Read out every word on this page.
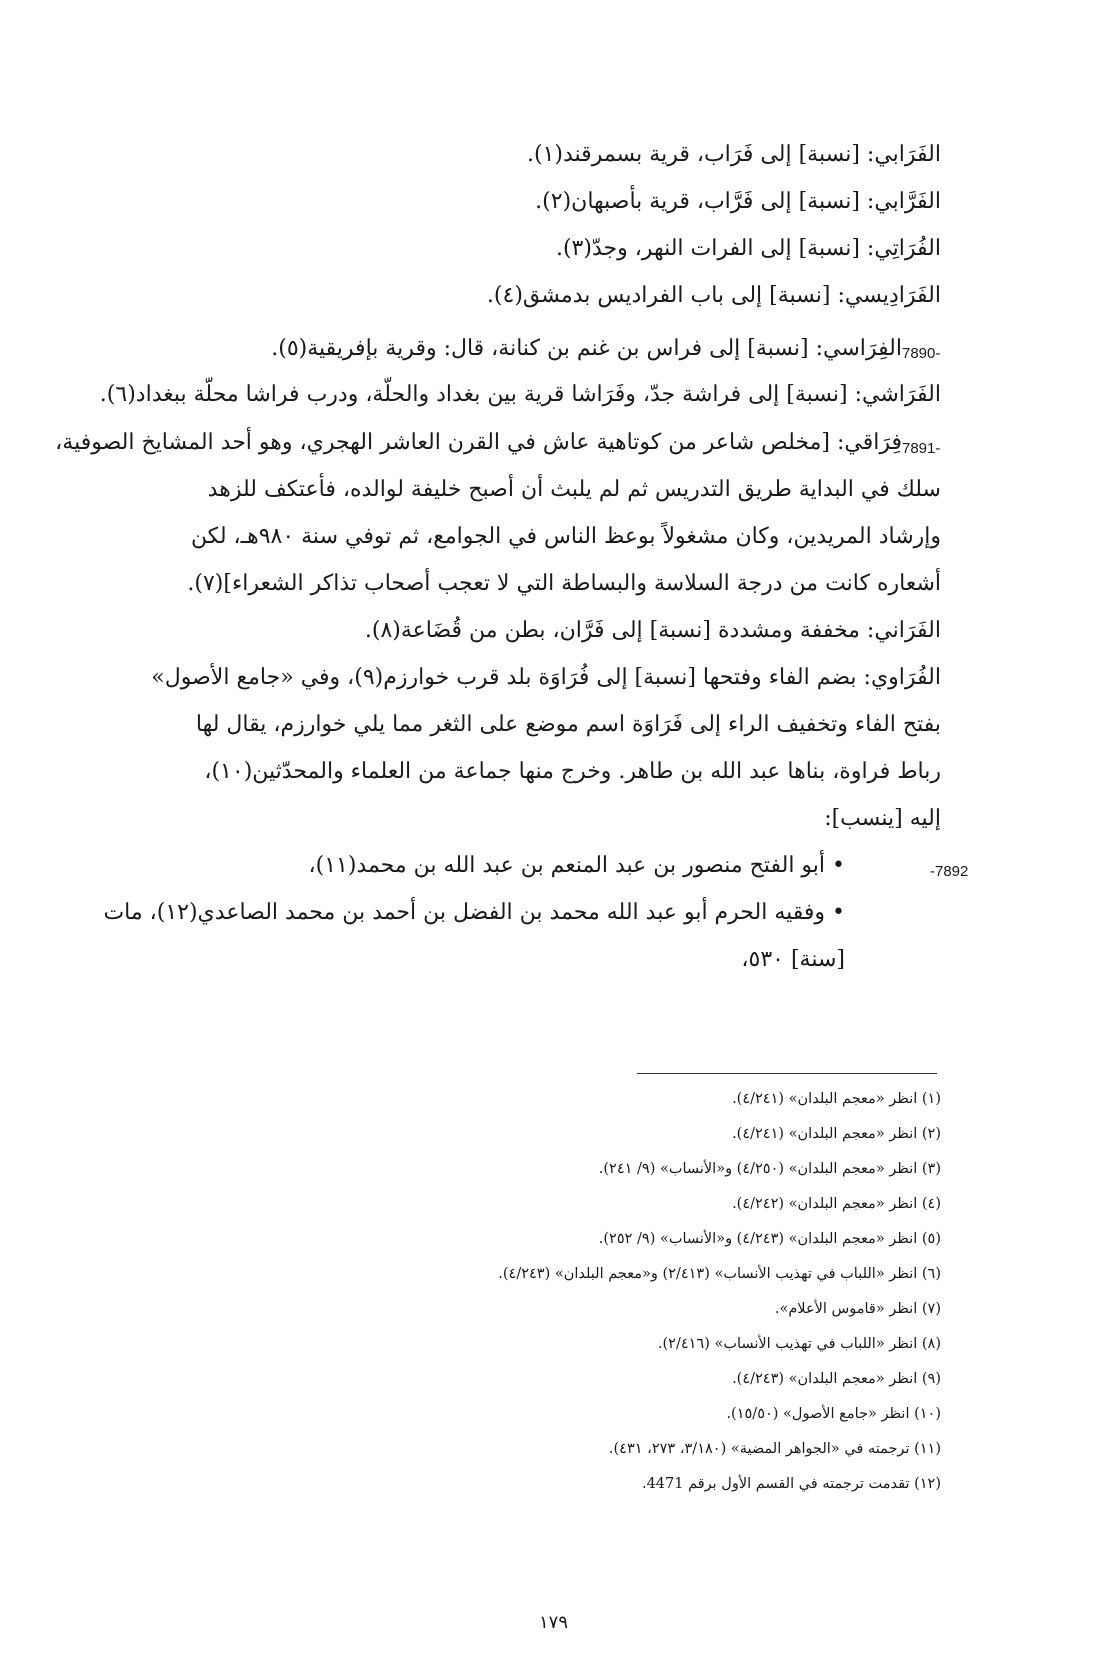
الفَرَابي: [نسبة] إلى فَرَاب، قرية بسمرقند(١).
الفَرَّابي: [نسبة] إلى فَرَّاب، قرية بأصبهان(٢).
الفُرَاتِي: [نسبة] إلى الفرات النهر، وجدّ(٣).
الفَرَادِيسي: [نسبة] إلى باب الفراديس بدمشق(٤).
7890-
الفِرَاسي: [نسبة] إلى فراس بن غنم بن كنانة، قال: وقرية بإفريقية(٥).
الفَرَاشي: [نسبة] إلى فراشة جدّ، وفَرَاشا قرية بين بغداد والحلّة، ودرب فراشا محلّة ببغداد(٦).
7891-
فِرَاقي: [مخلص شاعر من كوتاهية عاش في القرن العاشر الهجري، وهو أحد المشايخ الصوفية،
سلك في البداية طريق التدريس ثم لم يلبث أن أصبح خليفة لوالده، فأعتكف للزهد
وإرشاد المريدين، وكان مشغولاً بوعظ الناس في الجوامع، ثم توفي سنة ٩٨٠هـ، لكن
أشعاره كانت من درجة السلاسة والبساطة التي لا تعجب أصحاب تذاكر الشعراء](٧).
الفَرَاني: مخففة ومشددة [نسبة] إلى فَرَّان، بطن من قُضَاعة(٨).
الفُرَاوي: بضم الفاء وفتحها [نسبة] إلى فُرَاوَة بلد قرب خوارزم(٩)، وفي «جامع الأصول»
بفتح الفاء وتخفيف الراء إلى فَرَاوَة اسم موضع على الثغر مما يلي خوارزم، يقال لها
رباط فراوة، بناها عبد الله بن طاهر. وخرج منها جماعة من العلماء والمحدّثين(١٠)،
إليه [ينسب]:
-7892
• أبو الفتح منصور بن عبد المنعم بن عبد الله بن محمد(١١)،
• وفقيه الحرم أبو عبد الله محمد بن الفضل بن أحمد بن محمد الصاعدي(١٢)، مات
[سنة] ٥٣٠،
(١) انظر «معجم البلدان» (٤/٢٤١).
(٢) انظر «معجم البلدان» (٤/٢٤١).
(٣) انظر «معجم البلدان» (٤/٢٥٠) و«الأنساب» (٩/ ٢٤١).
(٤) انظر «معجم البلدان» (٤/٢٤٢).
(٥) انظر «معجم البلدان» (٤/٢٤٣) و«الأنساب» (٩/ ٢٥٢).
(٦) انظر «اللباب في تهذيب الأنساب» (٢/٤١٣) و«معجم البلدان» (٤/٢٤٣).
(٧) انظر «قاموس الأعلام».
(٨) انظر «اللباب في تهذيب الأنساب» (٢/٤١٦).
(٩) انظر «معجم البلدان» (٤/٢٤٣).
(١٠) انظر «جامع الأصول» (١٥/٥٠).
(١١) ترجمته في «الجواهر المضية» (٣/١٨٠، ٢٧٣، ٤٣١).
(١٢) تقدمت ترجمته في القسم الأول برقم 4471.
١٧٩
